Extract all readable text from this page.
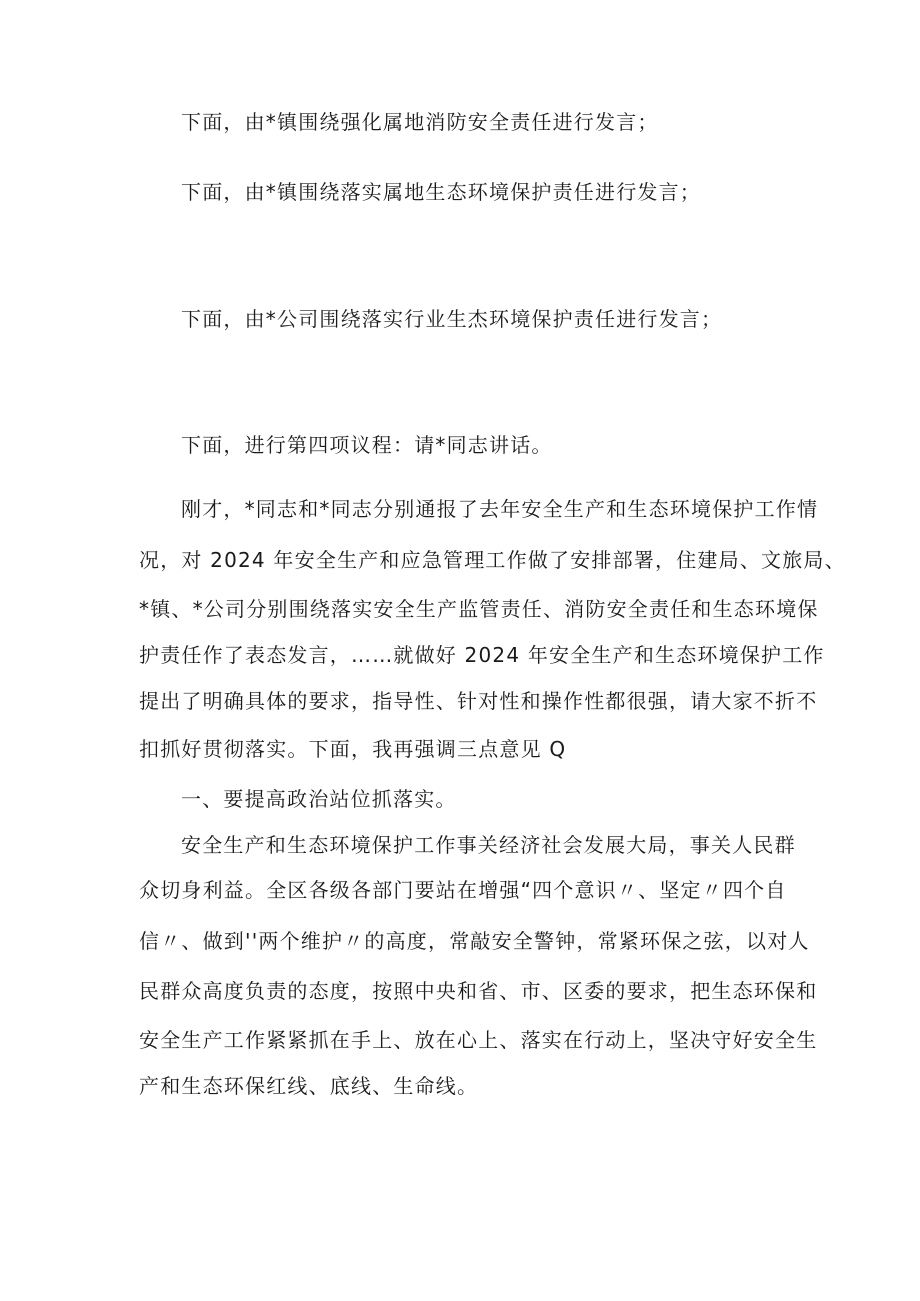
下面，由*镇围绕强化属地消防安全责任进行发言；
下面，由*镇围绕落实属地生态环境保护责任进行发言；
下面，由*公司围绕落实行业生杰环境保护责任进行发言；
下面，进行第四项议程：请*同志讲话。
刚才，*同志和*同志分别通报了去年安全生产和生态环境保护工作情
况，对 2024 年安全生产和应急管理工作做了安排部署，住建局、文旅局、
*镇、*公司分别围绕落实安全生产监管责任、消防安全责任和生态环境保
护责任作了表态发言，……就做好 2024 年安全生产和生态环境保护工作
提出了明确具体的要求，指导性、针对性和操作性都很强，请大家不折不
扣抓好贯彻落实。下面，我再强调三点意见 Q
一、要提高政治站位抓落实。
安全生产和生态环境保护工作事关经济社会发展大局，事关人民群
众切身利益。全区各级各部门要站在增强“四个意识〃、坚定〃四个自
信〃、做到''两个维护〃的高度，常敲安全警钟，常紧环保之弦，以对人
民群众高度负责的态度，按照中央和省、市、区委的要求，把生态环保和
安全生产工作紧紧抓在手上、放在心上、落实在行动上，坚决守好安全生
产和生态环保红线、底线、生命线。
